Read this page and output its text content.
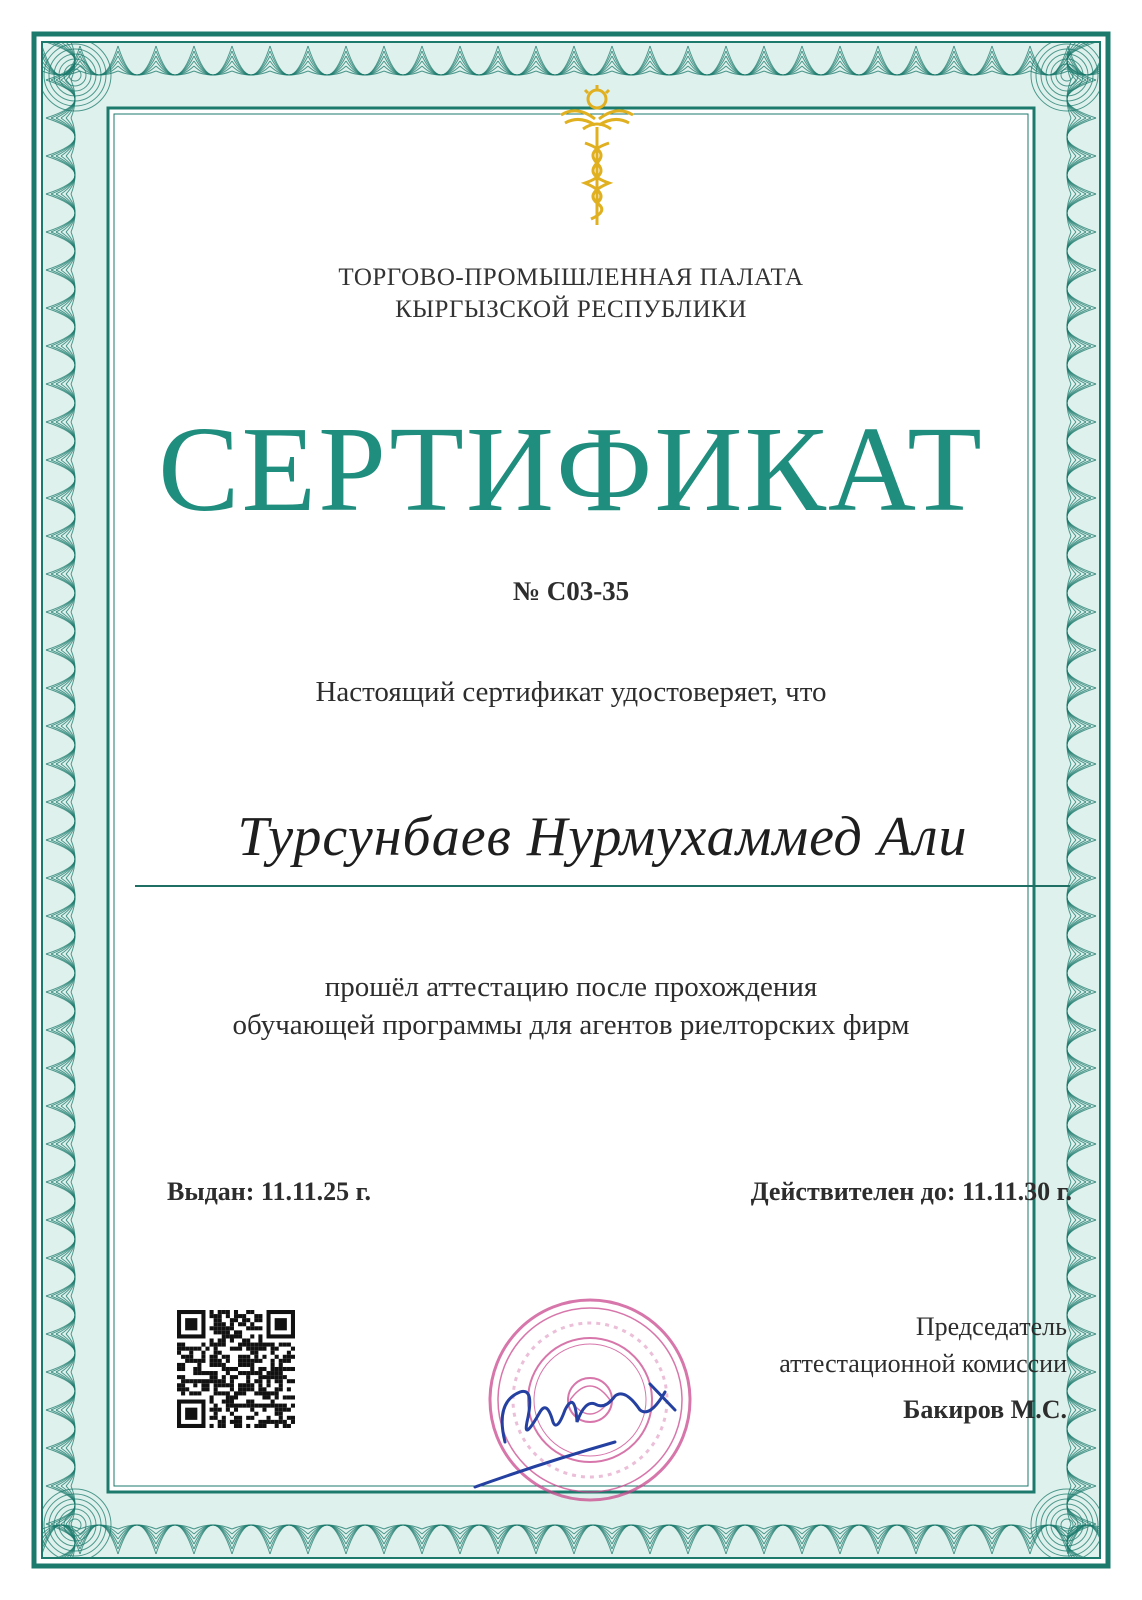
ТОРГОВО-ПРОМЫШЛЕННАЯ ПАЛАТА
КЫРГЫЗСКОЙ РЕСПУБЛИКИ
СЕРТИФИКАТ
№ С03-35
Настоящий сертификат удостоверяет, что
Турсунбаев Нурмухаммед Али
прошёл аттестацию после прохождения
обучающей программы для агентов риелторских фирм
Выдан: 11.11.25 г.	Действителен до: 11.11.30 г.
Председатель
аттестационной комиссии
Бакиров М.С.
